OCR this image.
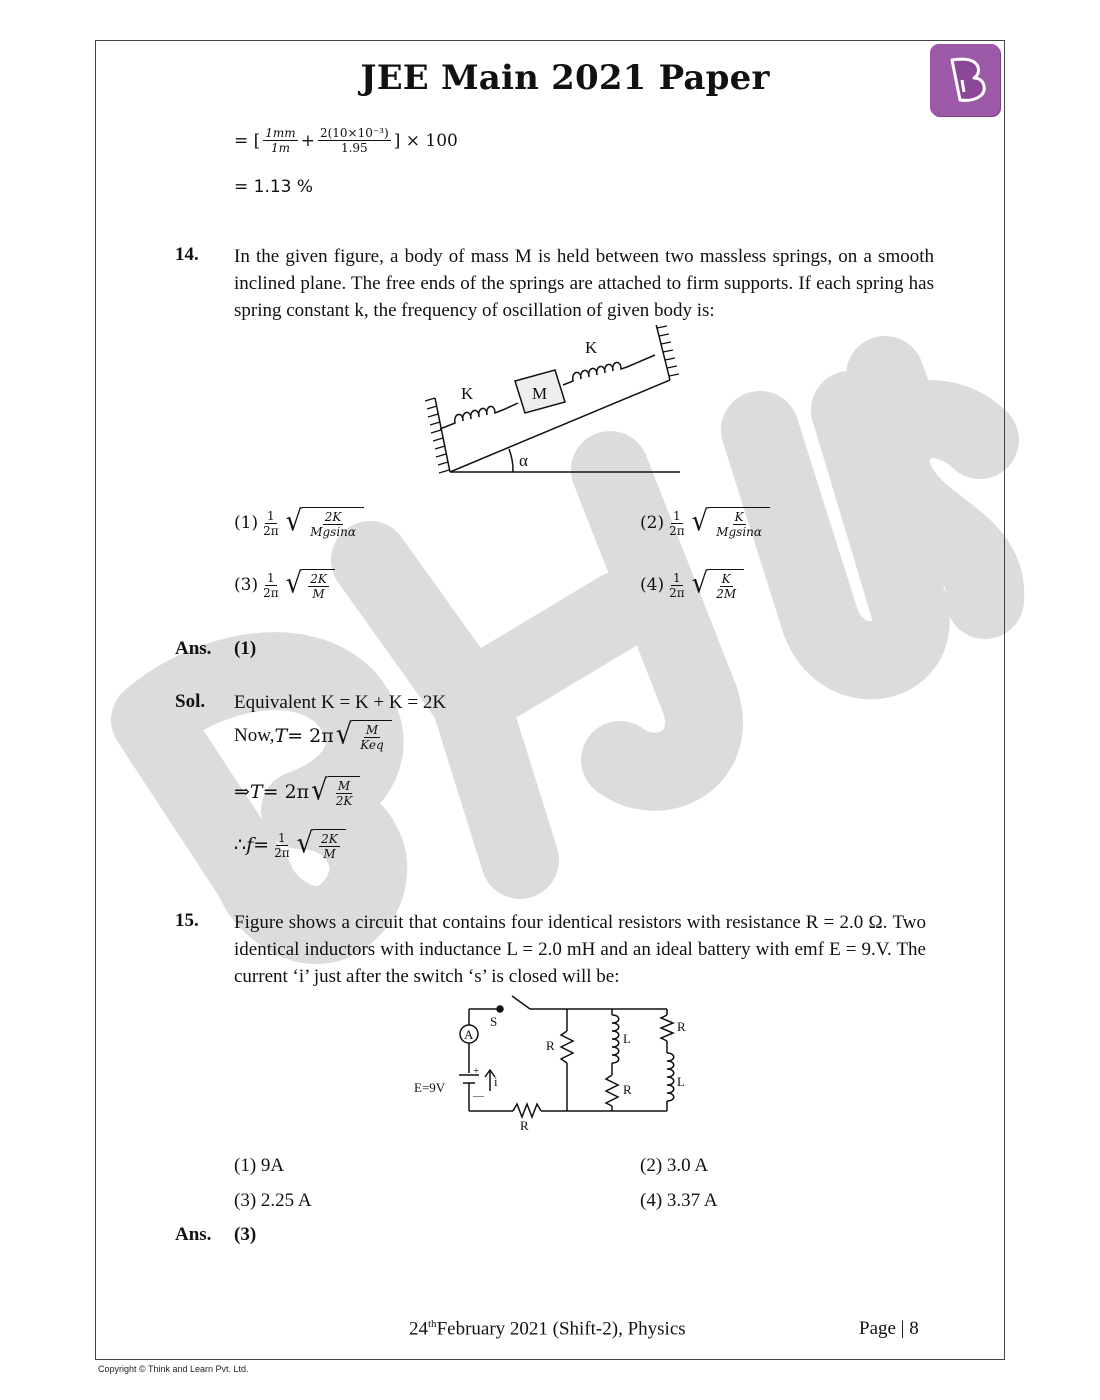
JEE Main 2021 Paper
= [ $\frac{1mm}{1m} + \frac{\text{2(10×10⁻³)}}{1.95}$ ] × 100
= 1.13 %
14. In the given figure, a body of mass M is held between two massless springs, on a smooth inclined plane. The free ends of the springs are attached to firm supports. If each spring has spring constant k, the frequency of oscillation of given body is:
K
K
M
α
$(1) \frac{1}{2\pi}$ √ $\frac{2K}{Mgsin\alpha}$	$(2) \frac{1}{2\pi}$ √ $\frac{K}{Mgsin\alpha}$
$(3) \frac{1}{2\pi}$ √ $\frac{2K}{M}$	$(4) \frac{1}{2\pi}$ √ $\frac{K}{2M}$
Ans. (1)
Sol. Equivalent K = K + K = 2K
Now, T = 2π √ $\frac{M}{\text{Keq}}$
⇒ T = 2π √ $\frac{M}{2K}$
∴ $f = \frac{1}{2\pi}$ √ $\frac{2K}{M}$
15. Figure shows a circuit that contains four identical resistors with resistance R = 2.0 Ω. Two identical inductors with inductance L = 2.0 mH and an ideal battery with emf E = 9.V. The current ‘i’ just after the switch ‘s’ is closed will be:
A
S
E=9V
+
—
i
R
R
L
R
R
L
(1) 9A	(2) 3.0 A
(3) 2.25 A	(4) 3.37 A
Ans. (3)
24thFebruary 2021 (Shift-2), Physics	Page | 8
Copyright © Think and Learn Pvt. Ltd.
